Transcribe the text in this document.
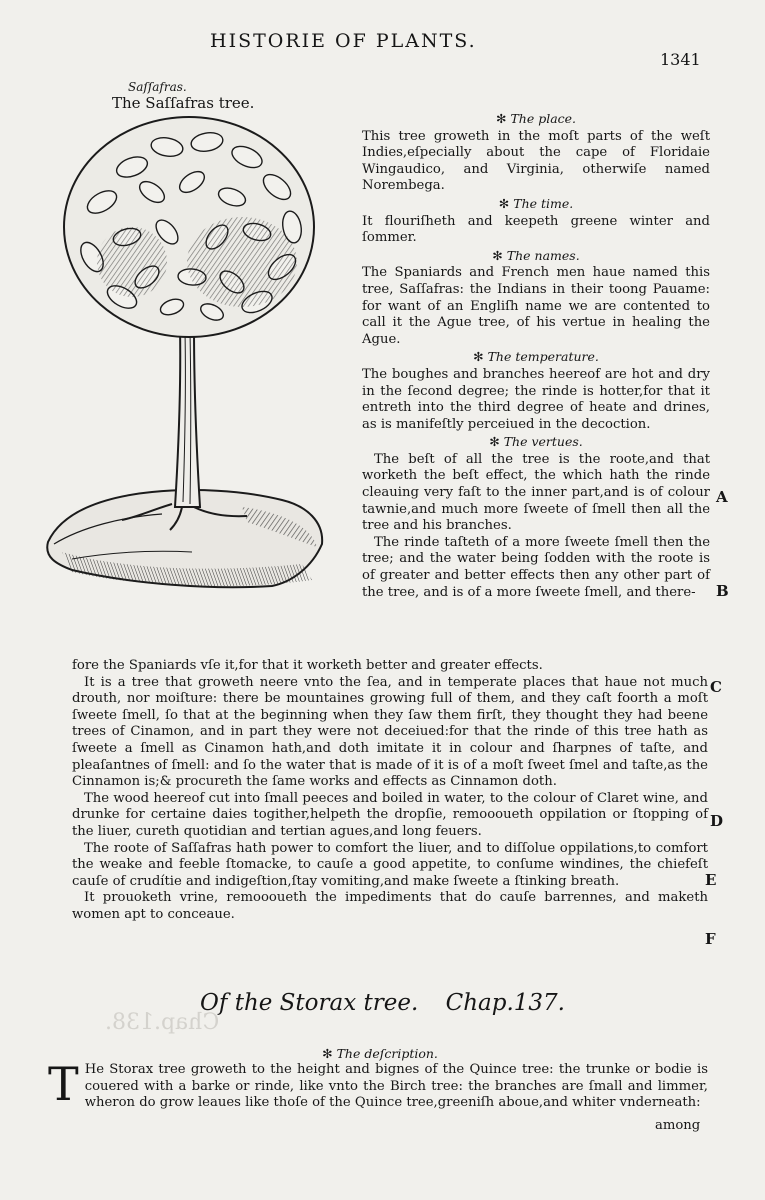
HISTORIE OF PLANTS.
1341
Chap.138.
Saſſafras.
The Saſſafras tree.
✻ The place.

This tree groweth in the moſt parts of the weſt Indies,eſpecially about the cape of Floridaie Wingaudico, and Virginia, otherwiſe named Norembega.

✻ The time.

It flouriſheth and keepeth greene winter and ſommer.

✻ The names.

The Spaniards and French men haue named this tree, Saſſafras: the Indians in their toong Pauame: for want of an Engliſh name we are contented to call it the Ague tree, of his vertue in healing the Ague.

✻ The temperature.

The boughes and branches heereof are hot and dry in the ſecond degree; the rinde is hotter,for that it entreth into the third degree of heate and drines, as is manifeſtly perceiued in the decoction.

✻ The vertues.

The beſt of all the tree is the roote,and that worketh the beſt effect, the which hath the rinde cleauing very faſt to the inner part,and is of colour tawnie,and much more ſweete of ſmell then all the tree and his branches.

The rinde taſteth of a more ſweete ſmell then the tree; and the water being ſodden with the roote is of greater and better effects then any other part of the tree, and is of a more ſweete ſmell, and there-

A
B
C
D
E
F

fore the Spaniards vſe it,for that it worketh better and greater effects.

It is a tree that groweth neere vnto the ſea, and in temperate places that haue not much drouth, nor moiſture: there be mountaines growing full of them, and they caſt foorth a moſt ſweete ſmell, ſo that at the beginning when they ſaw them firſt, they thought they had beene trees of Cinamon, and in part they were not deceiued:for that the rinde of this tree hath as ſweete a ſmell as Cinamon hath,and doth imitate it in colour and ſharpnes of taſte, and pleaſantnes of ſmell: and ſo the water that is made of it is of a moſt ſweet ſmel and taſte,as the Cinnamon is;& procureth the ſame works and effects as Cinnamon doth.

The wood heereof cut into ſmall peeces and boiled in water, to the colour of Claret wine, and drunke for certaine daies togither,helpeth the dropſie, remoooueth oppilation or ſtopping of the liuer, cureth quotidian and tertian agues,and long feuers.

The roote of Saſſafras hath power to comfort the liuer, and to diſſolue oppilations,to comfort the weake and feeble ſtomacke, to cauſe a good appetite, to conſume windines, the chiefeſt cauſe of crudítie and indigeſtion,ſtay vomiting,and make ſweete a ſtinking breath.

It prouoketh vrine, remoooueth the impediments that do cauſe barrennes, and maketh women apt to conceaue.

Of the Storax tree. Chap.137.
✻ The deſcription.
T He Storax tree groweth to the height and bignes of the Quince tree: the trunke or bodie is couered with a barke or rinde, like vnto the Birch tree: the branches are ſmall and limmer, wheron do grow leaues like thoſe of the Quince tree,greeniſh aboue,and whiter vnderneath:

among
